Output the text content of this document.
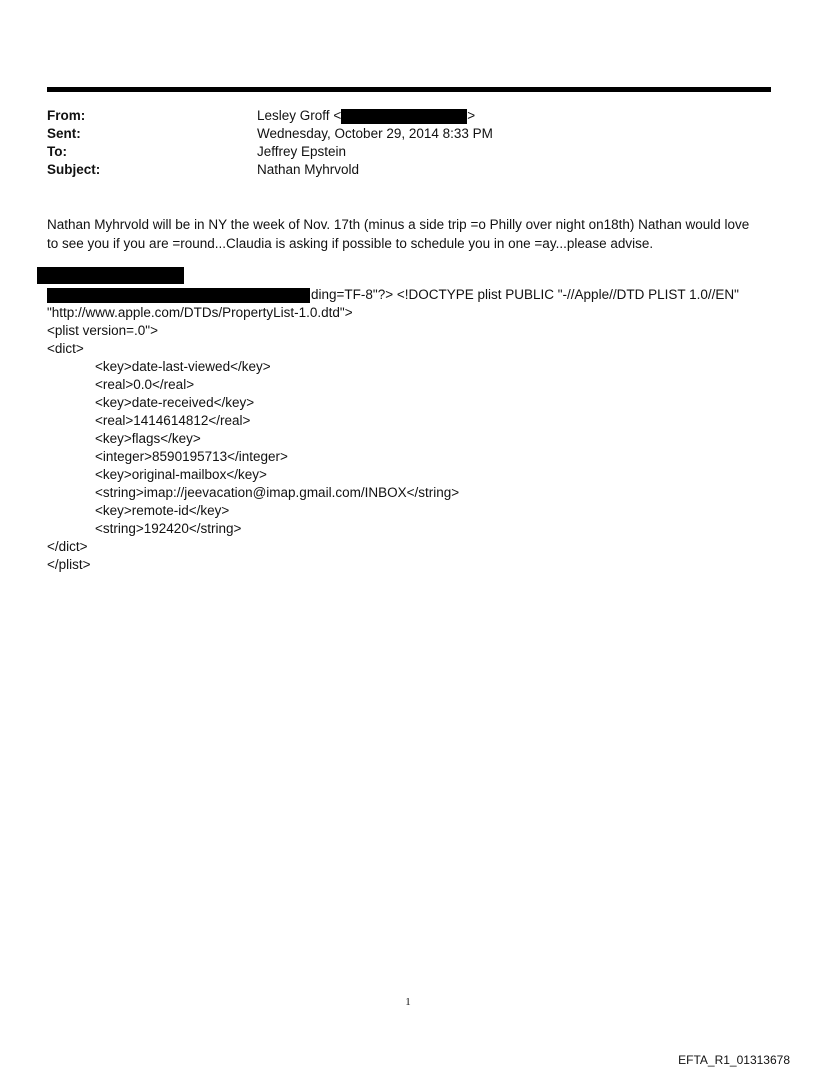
From:	Lesley Groff <	>
Sent:	Wednesday, October 29, 2014 8:33 PM
To:	Jeffrey Epstein
Subject:	Nathan Myhrvold

Nathan Myhrvold will be in NY the week of Nov. 17th (minus a side trip =o Philly over night on18th) Nathan would love

to see you if you are =round...Claudia is asking if possible to schedule you in one =ay...please advise.

ding=TF-8"?> <!DOCTYPE plist PUBLIC "-//Apple//DTD PLIST 1.0//EN"
"http://www.apple.com/DTDs/PropertyList-1.0.dtd">
<plist version=.0">
<dict>
<key>date-last-viewed</key>
<real>0.0</real>
<key>date-received</key>
<real>1414614812</real>
<key>flags</key>
<integer>8590195713</integer>
<key>original-mailbox</key>
<string>imap://jeevacation@imap.gmail.com/INBOX</string>
<key>remote-id</key>
<string>192420</string>
</dict>
</plist>
1
EFTA_R1_01313678
